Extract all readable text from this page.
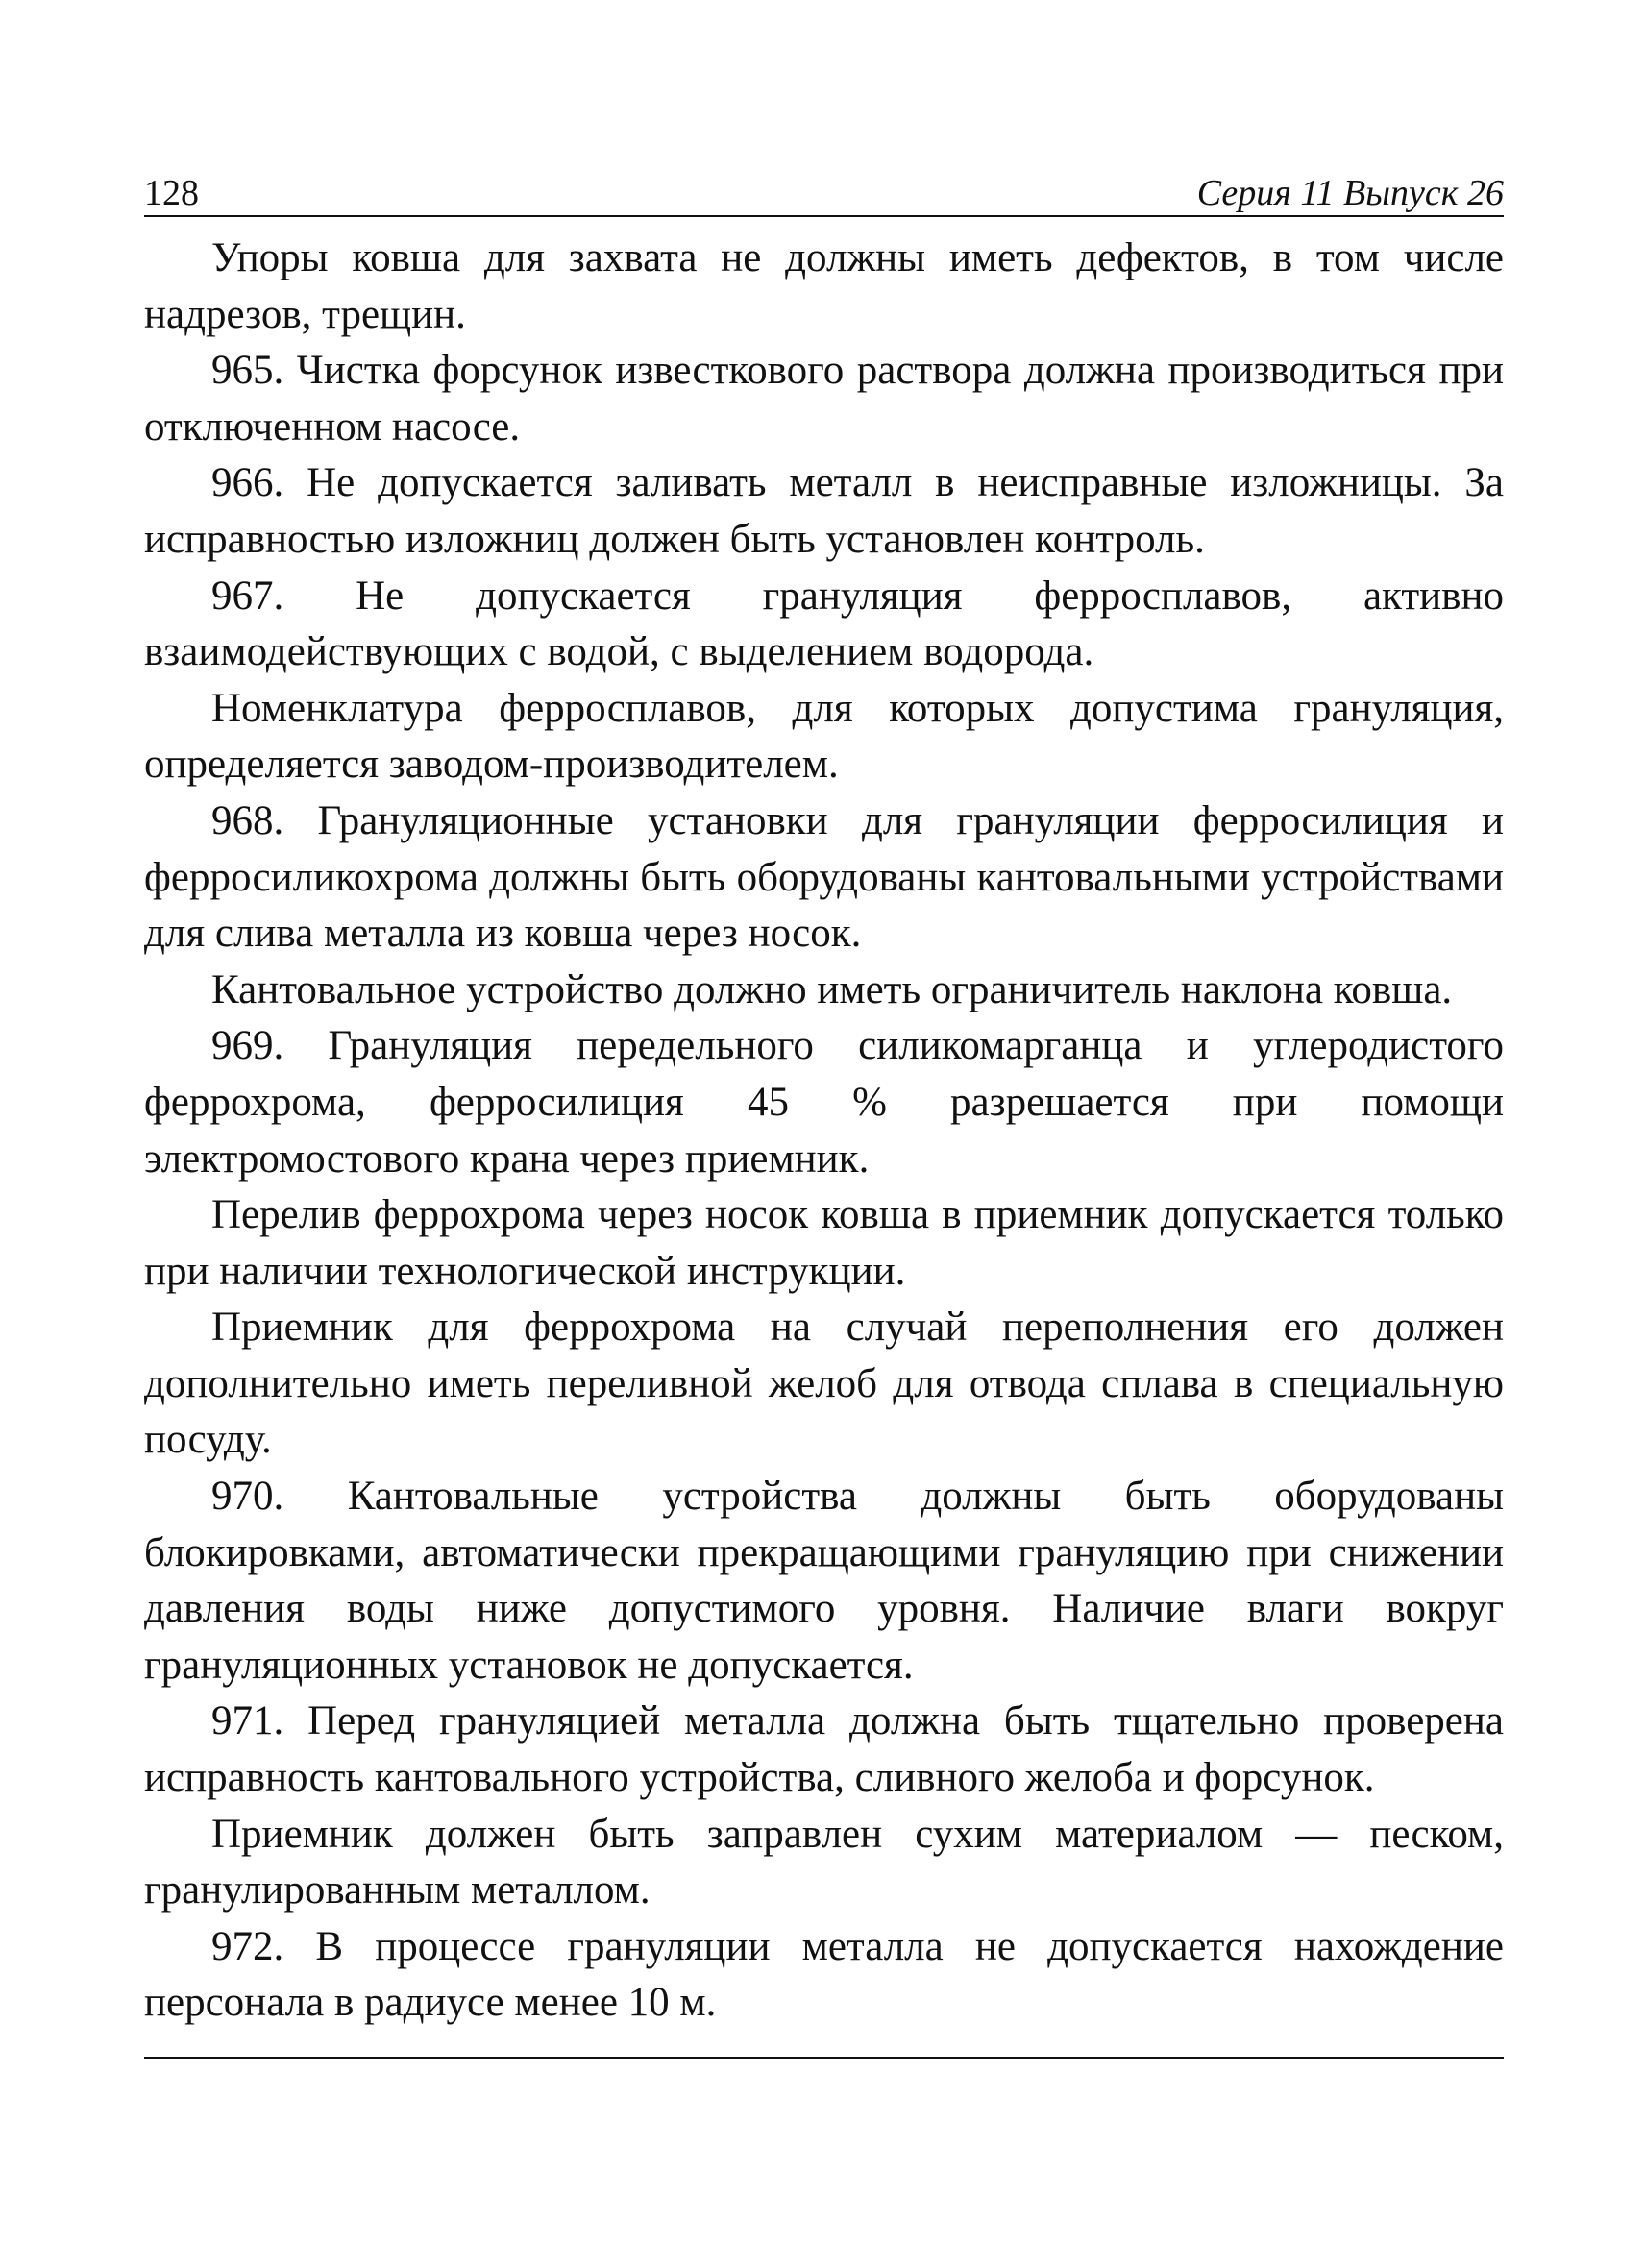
128	Серия 11 Выпуск 26

Упоры ковша для захвата не должны иметь дефектов, в том числе надрезов, трещин.

965. Чистка форсунок известкового раствора должна производиться при отключенном насосе.

966. Не допускается заливать металл в неисправные изложницы. За исправностью изложниц должен быть установлен контроль.

967. Не допускается грануляция ферросплавов, активно взаимодействующих с водой, с выделением водорода.

Номенклатура ферросплавов, для которых допустима грануляция, определяется заводом-производителем.

968. Грануляционные установки для грануляции ферросилиция и ферросиликохрома должны быть оборудованы кантовальными устройствами для слива металла из ковша через носок.

Кантовальное устройство должно иметь ограничитель наклона ковша.

969. Грануляция передельного силикомарганца и углеродистого феррохрома, ферросилиция 45 % разрешается при помощи электромостового крана через приемник.

Перелив феррохрома через носок ковша в приемник допускается только при наличии технологической инструкции.

Приемник для феррохрома на случай переполнения его должен дополнительно иметь переливной желоб для отвода сплава в специальную посуду.

970. Кантовальные устройства должны быть оборудованы блокировками, автоматически прекращающими грануляцию при снижении давления воды ниже допустимого уровня. Наличие влаги вокруг грануляционных установок не допускается.

971. Перед грануляцией металла должна быть тщательно проверена исправность кантовального устройства, сливного желоба и форсунок.

Приемник должен быть заправлен сухим материалом — песком, гранулированным металлом.

972. В процессе грануляции металла не допускается нахождение персонала в радиусе менее 10 м.
